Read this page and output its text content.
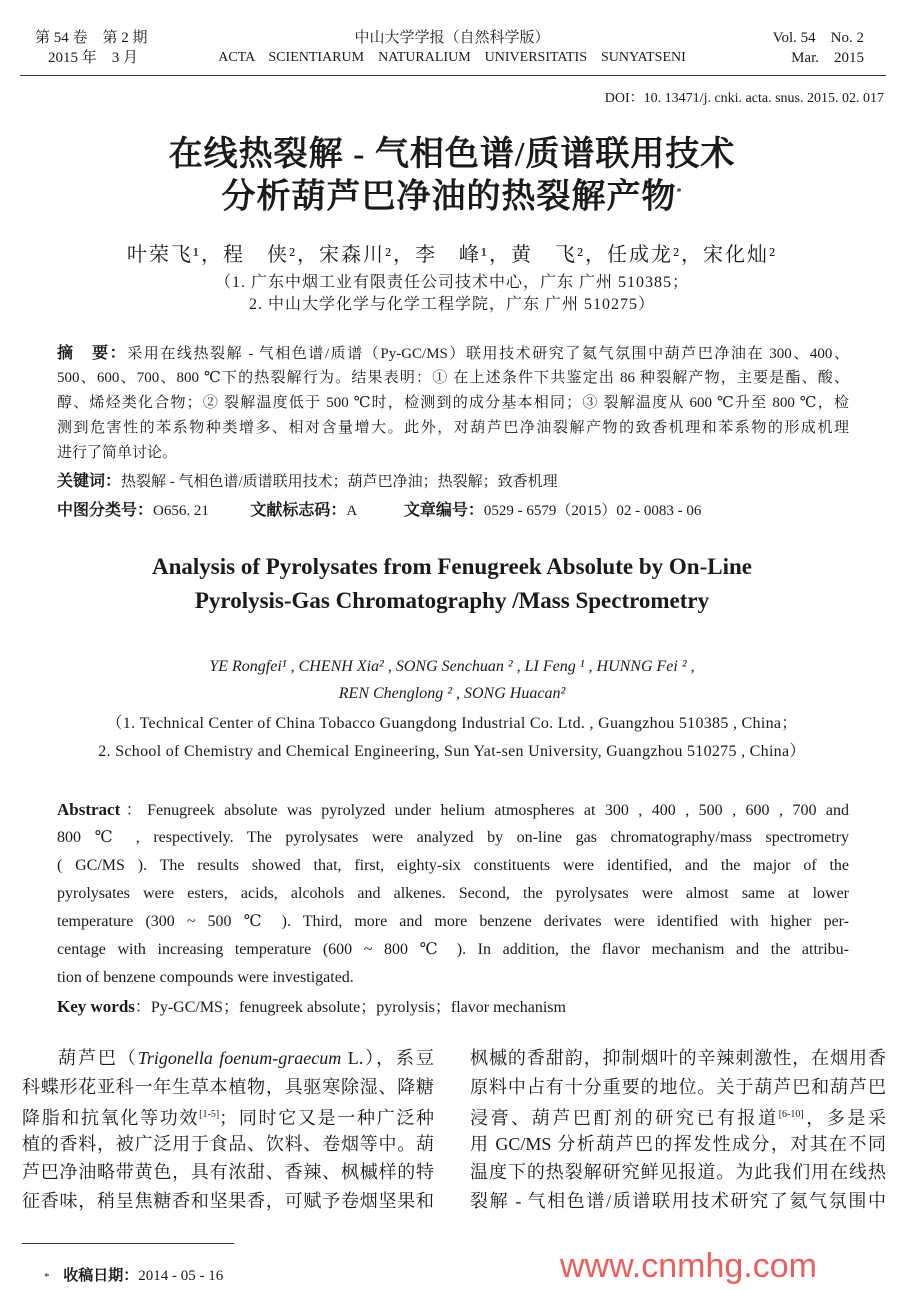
第 54 卷　第 2 期
2015 年　3 月
中山大学学报（自然科学版）
ACTA　SCIENTIARUM　NATURALIUM　UNIVERSITATIS　SUNYATSENI
Vol. 54　No. 2
Mar.　2015
DOI：10. 13471/j. cnki. acta. snus. 2015. 02. 017
在线热裂解 - 气相色谱/质谱联用技术
分析葫芦巴净油的热裂解产物*
叶荣飞¹，程　侠²，宋森川²，李　峰¹，黄　飞²，任成龙²，宋化灿²
（1. 广东中烟工业有限责任公司技术中心，广东 广州 510385；
2. 中山大学化学与化学工程学院，广东 广州 510275）
摘　要：采用在线热裂解 - 气相色谱/质谱（Py-GC/MS）联用技术研究了氦气氛围中葫芦巴净油在 300、400、
500、600、700、800 ℃下的热裂解行为。结果表明：① 在上述条件下共鉴定出 86 种裂解产物，主要是酯、酸、
醇、烯烃类化合物；② 裂解温度低于 500 ℃时，检测到的成分基本相同；③ 裂解温度从 600 ℃升至 800 ℃，检
测到危害性的苯系物种类增多、相对含量增大。此外，对葫芦巴净油裂解产物的致香机理和苯系物的形成机理
进行了简单讨论。
关键词：热裂解 - 气相色谱/质谱联用技术；葫芦巴净油；热裂解；致香机理
中图分类号：O656. 21	文献标志码：A	文章编号：0529 - 6579（2015）02 - 0083 - 06
Analysis of Pyrolysates from Fenugreek Absolute by On-Line
Pyrolysis-Gas Chromatography /Mass Spectrometry
YE Rongfei¹ , CHENH Xia² , SONG Senchuan ² , LI Feng ¹ , HUNNG Fei ² ,
REN Chenglong ² , SONG Huacan²
（1. Technical Center of China Tobacco Guangdong Industrial Co. Ltd. , Guangzhou 510385 , China；
2. School of Chemistry and Chemical Engineering, Sun Yat-sen University, Guangzhou 510275 , China）
Abstract：Fenugreek absolute was pyrolyzed under helium atmospheres at 300 , 400 , 500 , 600 , 700 and
800 ℃ , respectively. The pyrolysates were analyzed by on-line gas chromatography/mass spectrometry
( GC/MS ). The results showed that, first, eighty-six constituents were identified, and the major of the
pyrolysates were esters, acids, alcohols and alkenes. Second, the pyrolysates were almost same at lower
temperature (300 ~ 500 ℃ ). Third, more and more benzene derivates were identified with higher per-
centage with increasing temperature (600 ~ 800 ℃ ). In addition, the flavor mechanism and the attribu-
tion of benzene compounds were investigated.
Key words：Py-GC/MS；fenugreek absolute；pyrolysis；flavor mechanism
葫芦巴（Trigonella foenum-graecum L.），系豆
科蝶形花亚科一年生草本植物，具驱寒除湿、降糖
降脂和抗氧化等功效[1-5]；同时它又是一种广泛种
植的香料，被广泛用于食品、饮料、卷烟等中。葫
芦巴净油略带黄色，具有浓甜、香辣、枫槭样的特
征香味，稍呈焦糖香和坚果香，可赋予卷烟坚果和
枫槭的香甜韵，抑制烟叶的辛辣刺激性，在烟用香
原料中占有十分重要的地位。关于葫芦巴和葫芦巴
浸膏、葫芦巴酊剂的研究已有报道[6-10]，多是采
用 GC/MS 分析葫芦巴的挥发性成分，对其在不同
温度下的热裂解研究鲜见报道。为此我们用在线热
裂解 - 气相色谱/质谱联用技术研究了氦气氛围中
* 收稿日期：2014 - 05 - 16	www.cnmhg.com
